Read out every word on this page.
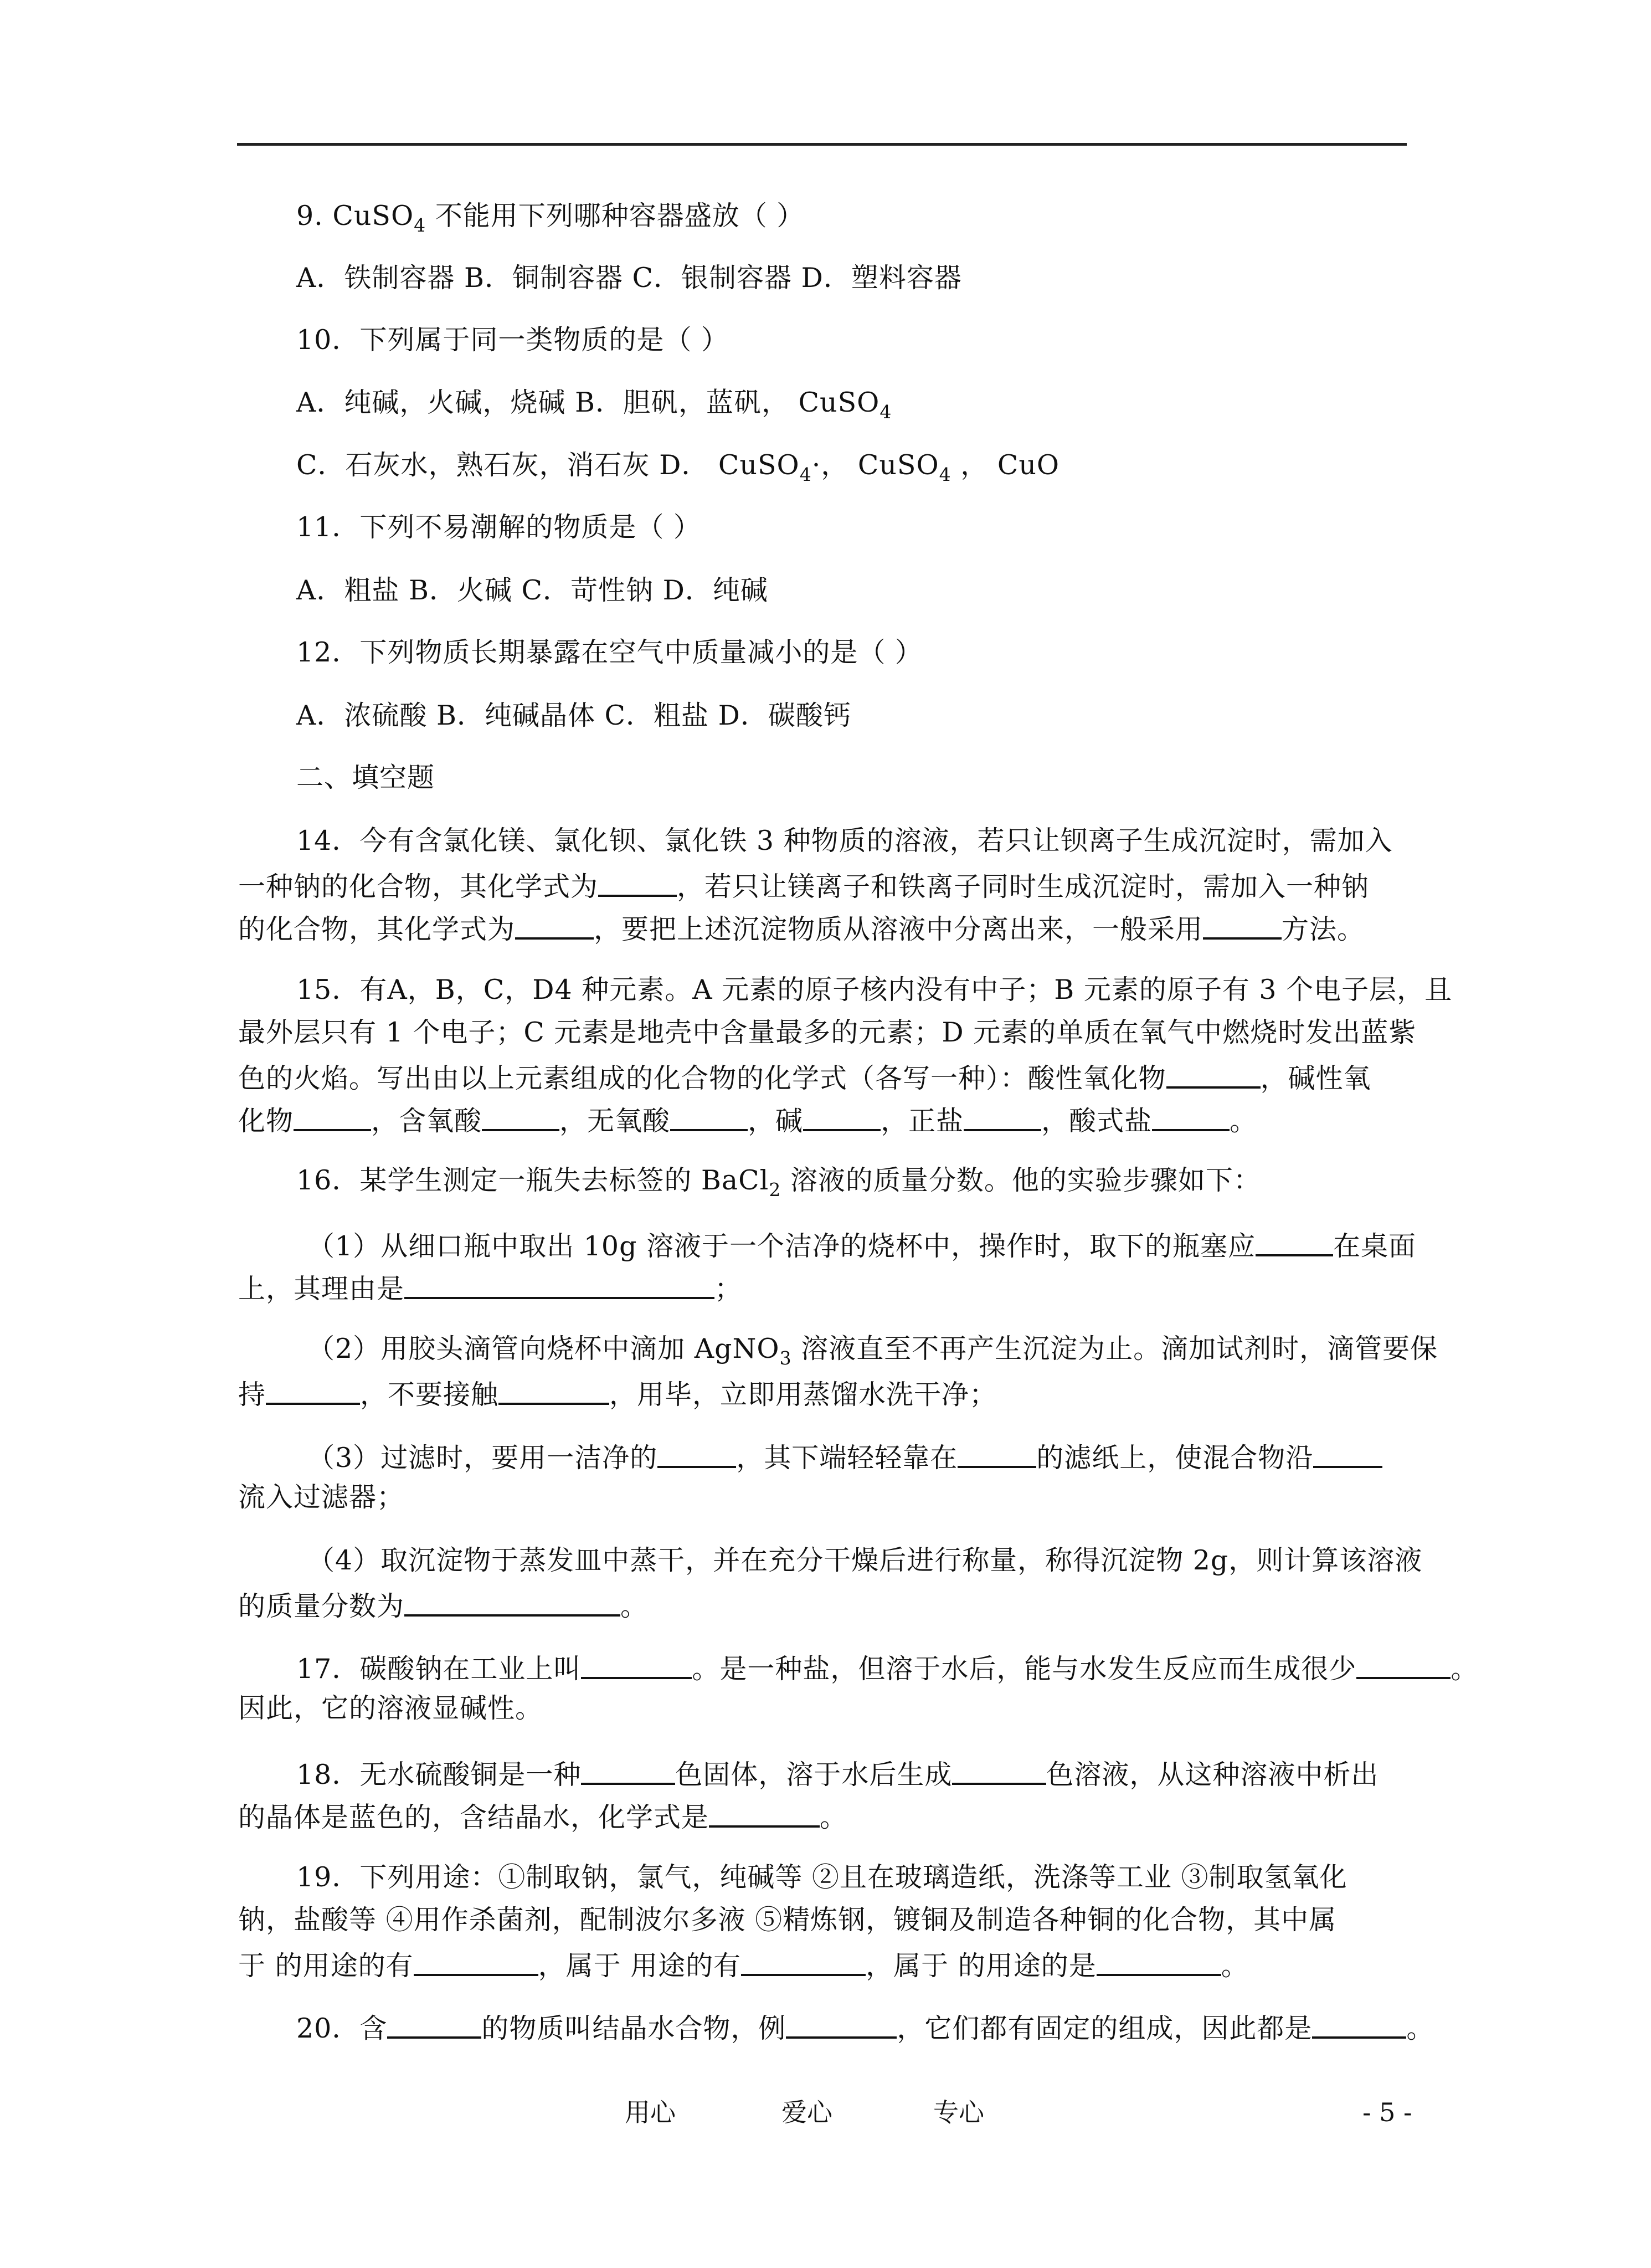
9. CuSO$_4$ 不能用下列哪种容器盛放（ ）
A．铁制容器 B．铜制容器 C．银制容器 D．塑料容器
10．下列属于同一类物质的是（ ）
A．纯碱，火碱，烧碱 B．胆矾，蓝矾， CuSO$_4$
C．石灰水，熟石灰，消石灰 D． CuSO$_4$·， CuSO$_4$ ， CuO
11．下列不易潮解的物质是（ ）
A．粗盐 B．火碱 C．苛性钠 D．纯碱
12．下列物质长期暴露在空气中质量减小的是（ ）
A．浓硫酸 B．纯碱晶体 C．粗盐 D．碳酸钙
二、填空题
14．今有含氯化镁、氯化钡、氯化铁 3 种物质的溶液，若只让钡离子生成沉淀时，需加入
一种钠的化合物，其化学式为	，若只让镁离子和铁离子同时生成沉淀时，需加入一种钠
的化合物，其化学式为	，要把上述沉淀物质从溶液中分离出来，一般采用	方法。
15．有A，B，C，D4 种元素。A 元素的原子核内没有中子；B 元素的原子有 3 个电子层，且
最外层只有 1 个电子；C 元素是地壳中含量最多的元素；D 元素的单质在氧气中燃烧时发出蓝紫
色的火焰。写出由以上元素组成的化合物的化学式（各写一种）：酸性氧化物	，碱性氧
化物	，含氧酸	，无氧酸	，碱	，正盐	，酸式盐	。
16．某学生测定一瓶失去标签的 BaCl$_2$ 溶液的质量分数。他的实验步骤如下：
（1）从细口瓶中取出 10g 溶液于一个洁净的烧杯中，操作时，取下的瓶塞应	在桌面
上，其理由是	；
（2）用胶头滴管向烧杯中滴加 AgNO$_3$ 溶液直至不再产生沉淀为止。滴加试剂时，滴管要保
持	，不要接触	，用毕，立即用蒸馏水洗干净；
（3）过滤时，要用一洁净的	，其下端轻轻靠在	的滤纸上，使混合物沿
流入过滤器；
（4）取沉淀物于蒸发皿中蒸干，并在充分干燥后进行称量，称得沉淀物 2g，则计算该溶液
的质量分数为	。
17．碳酸钠在工业上叫	。是一种盐，但溶于水后，能与水发生反应而生成很少	。
因此，它的溶液显碱性。
18．无水硫酸铜是一种	色固体，溶于水后生成	色溶液，从这种溶液中析出
的晶体是蓝色的，含结晶水，化学式是	。
19．下列用途：①制取钠，氯气，纯碱等 ②且在玻璃造纸，洗涤等工业 ③制取氢氧化
钠，盐酸等 ④用作杀菌剂，配制波尔多液 ⑤精炼钢，镀铜及制造各种铜的化合物，其中属
于 的用途的有	，属于 用途的有	，属于 的用途的是	。
20．含	的物质叫结晶水合物，例	，它们都有固定的组成，因此都是	。
用心	爱心	专心	- 5 -
